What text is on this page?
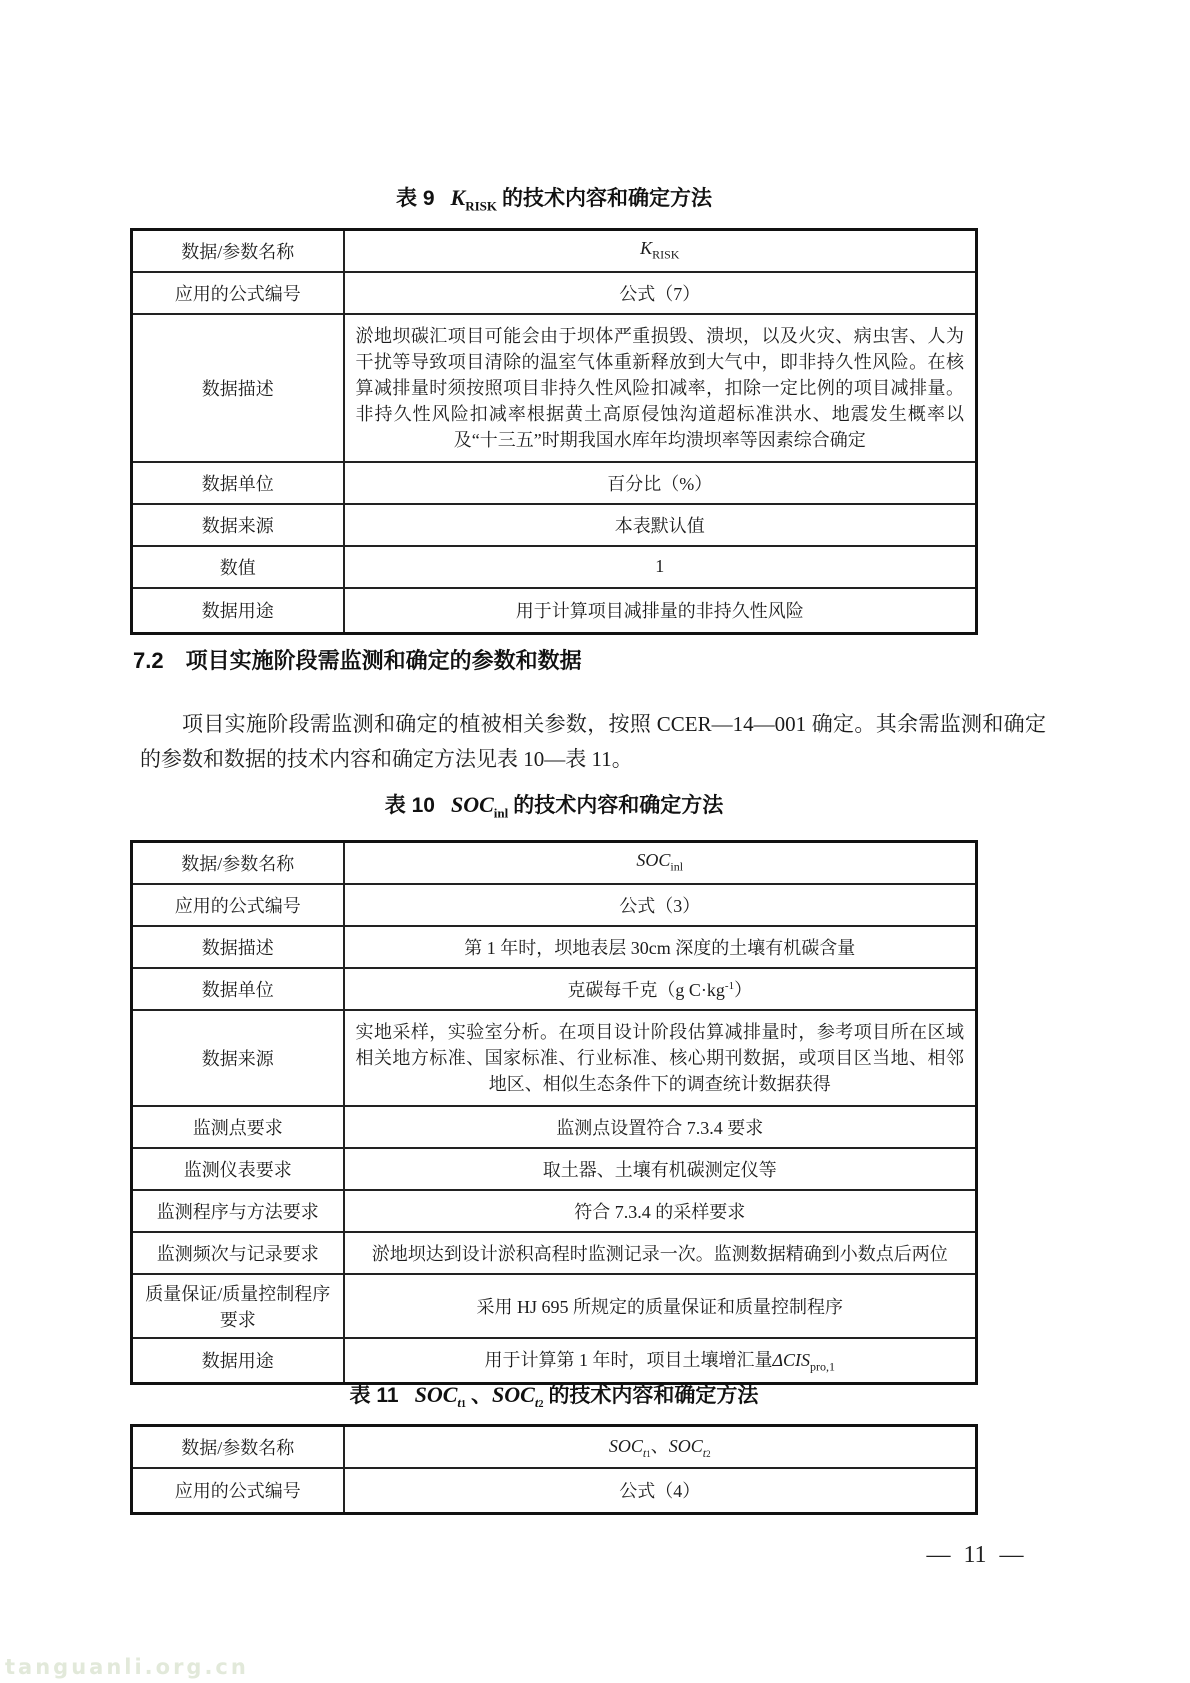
表 9 $K_{RISK}$ 的技术内容和确定方法
数据/参数名称	$K_{RISK}$
应用的公式编号	公式（7）
数据描述	淤地坝碳汇项目可能会由于坝体严重损毁、溃坝，以及火灾、病虫害、人为干扰等导致项目清除的温室气体重新释放到大气中，即非持久性风险。在核算减排量时须按照项目非持久性风险扣减率，扣除一定比例的项目减排量。非持久性风险扣减率根据黄土高原侵蚀沟道超标准洪水、地震发生概率以及“十三五”时期我国水库年均溃坝率等因素综合确定
数据单位	百分比（%）
数据来源	本表默认值
数值	1
数据用途	用于计算项目减排量的非持久性风险
7.2 项目实施阶段需监测和确定的参数和数据

项目实施阶段需监测和确定的植被相关参数，按照 CCER—14—001 确定。其余需监测和确定的参数和数据的技术内容和确定方法见表 10—表 11。

表 10 $SOC_{inl}$ 的技术内容和确定方法
数据/参数名称	$SOC_{inl}$
应用的公式编号	公式（3）
数据描述	第 1 年时，坝地表层 30cm 深度的土壤有机碳含量
数据单位	克碳每千克（g $C\cdot kg^{-1}$）
数据来源	实地采样，实验室分析。在项目设计阶段估算减排量时，参考项目所在区域相关地方标准、国家标准、行业标准、核心期刊数据，或项目区当地、相邻地区、相似生态条件下的调查统计数据获得
监测点要求	监测点设置符合 7.3.4 要求
监测仪表要求	取土器、土壤有机碳测定仪等
监测程序与方法要求	符合 7.3.4 的采样要求
监测频次与记录要求	淤地坝达到设计淤积高程时监测记录一次。监测数据精确到小数点后两位
质量保证/质量控制程序要求	采用 HJ 695 所规定的质量保证和质量控制程序
数据用途	用于计算第 1 年时，项目土壤增汇量$\Delta CIS_{pro,1}$
表 11 $SOC_{t1}$ 、$SOC_{t2}$ 的技术内容和确定方法
数据/参数名称	$SOC_{t1}$、$SOC_{t2}$
应用的公式编号	公式（4）
— 11 —
tanguanli.org.cn
